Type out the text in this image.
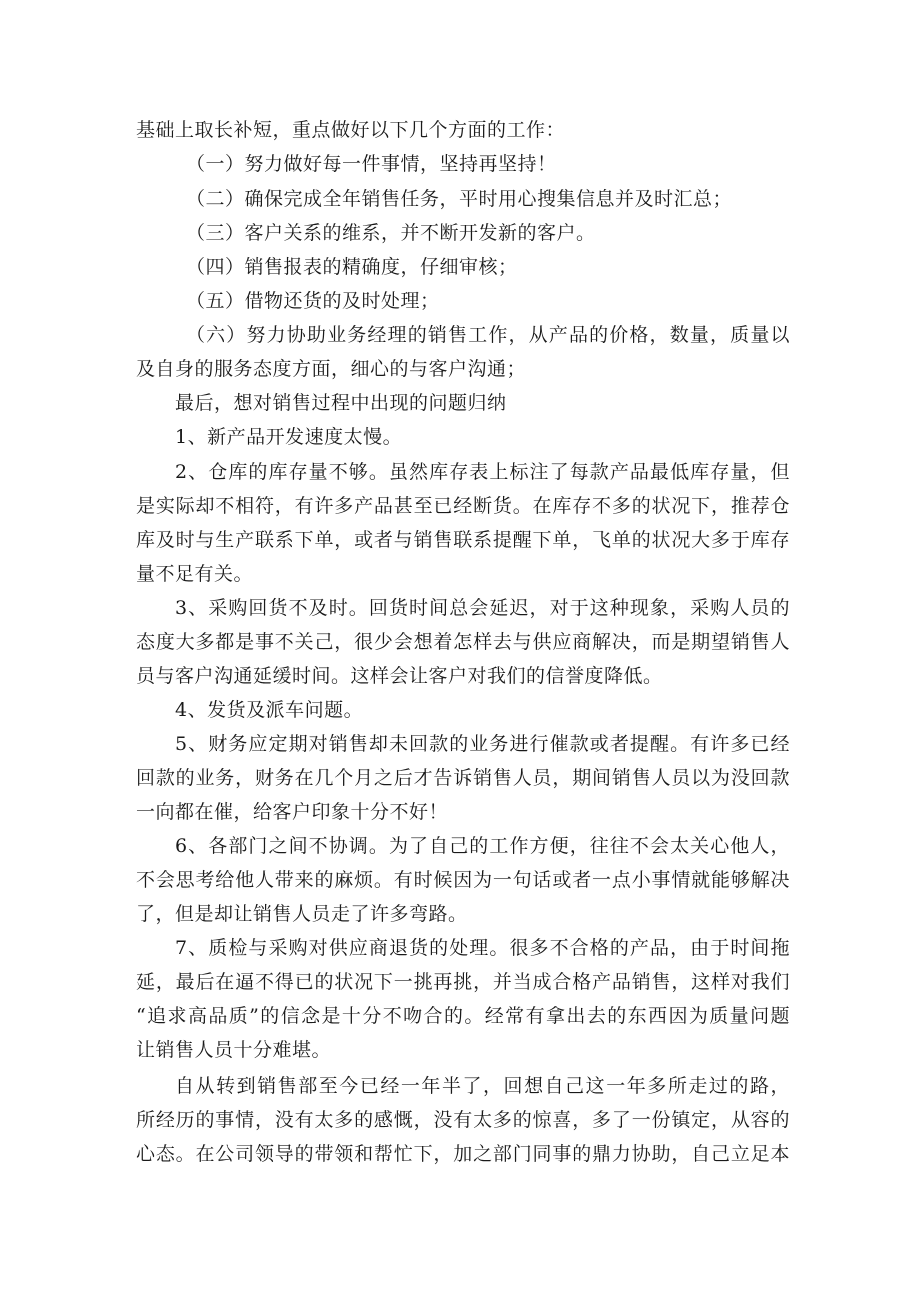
基础上取长补短，重点做好以下几个方面的工作：
（一）努力做好每一件事情，坚持再坚持！
（二）确保完成全年销售任务，平时用心搜集信息并及时汇总；
（三）客户关系的维系，并不断开发新的客户。
（四）销售报表的精确度，仔细审核；
（五）借物还货的及时处理；
（六）努力协助业务经理的销售工作，从产品的价格，数量，质量以
及自身的服务态度方面，细心的与客户沟通；
最后，想对销售过程中出现的问题归纳
1、新产品开发速度太慢。
2、仓库的库存量不够。虽然库存表上标注了每款产品最低库存量，但
是实际却不相符，有许多产品甚至已经断货。在库存不多的状况下，推荐仓
库及时与生产联系下单，或者与销售联系提醒下单，飞单的状况大多于库存
量不足有关。
3、采购回货不及时。回货时间总会延迟，对于这种现象，采购人员的
态度大多都是事不关己，很少会想着怎样去与供应商解决，而是期望销售人
员与客户沟通延缓时间。这样会让客户对我们的信誉度降低。
4、发货及派车问题。
5、财务应定期对销售却未回款的业务进行催款或者提醒。有许多已经
回款的业务，财务在几个月之后才告诉销售人员，期间销售人员以为没回款
一向都在催，给客户印象十分不好！
6、各部门之间不协调。为了自己的工作方便，往往不会太关心他人，
不会思考给他人带来的麻烦。有时候因为一句话或者一点小事情就能够解决
了，但是却让销售人员走了许多弯路。
7、质检与采购对供应商退货的处理。很多不合格的产品，由于时间拖
延，最后在逼不得已的状况下一挑再挑，并当成合格产品销售，这样对我们
“追求高品质”的信念是十分不吻合的。经常有拿出去的东西因为质量问题
让销售人员十分难堪。
自从转到销售部至今已经一年半了，回想自己这一年多所走过的路，
所经历的事情，没有太多的感慨，没有太多的惊喜，多了一份镇定，从容的
心态。在公司领导的带领和帮忙下，加之部门同事的鼎力协助，自己立足本
